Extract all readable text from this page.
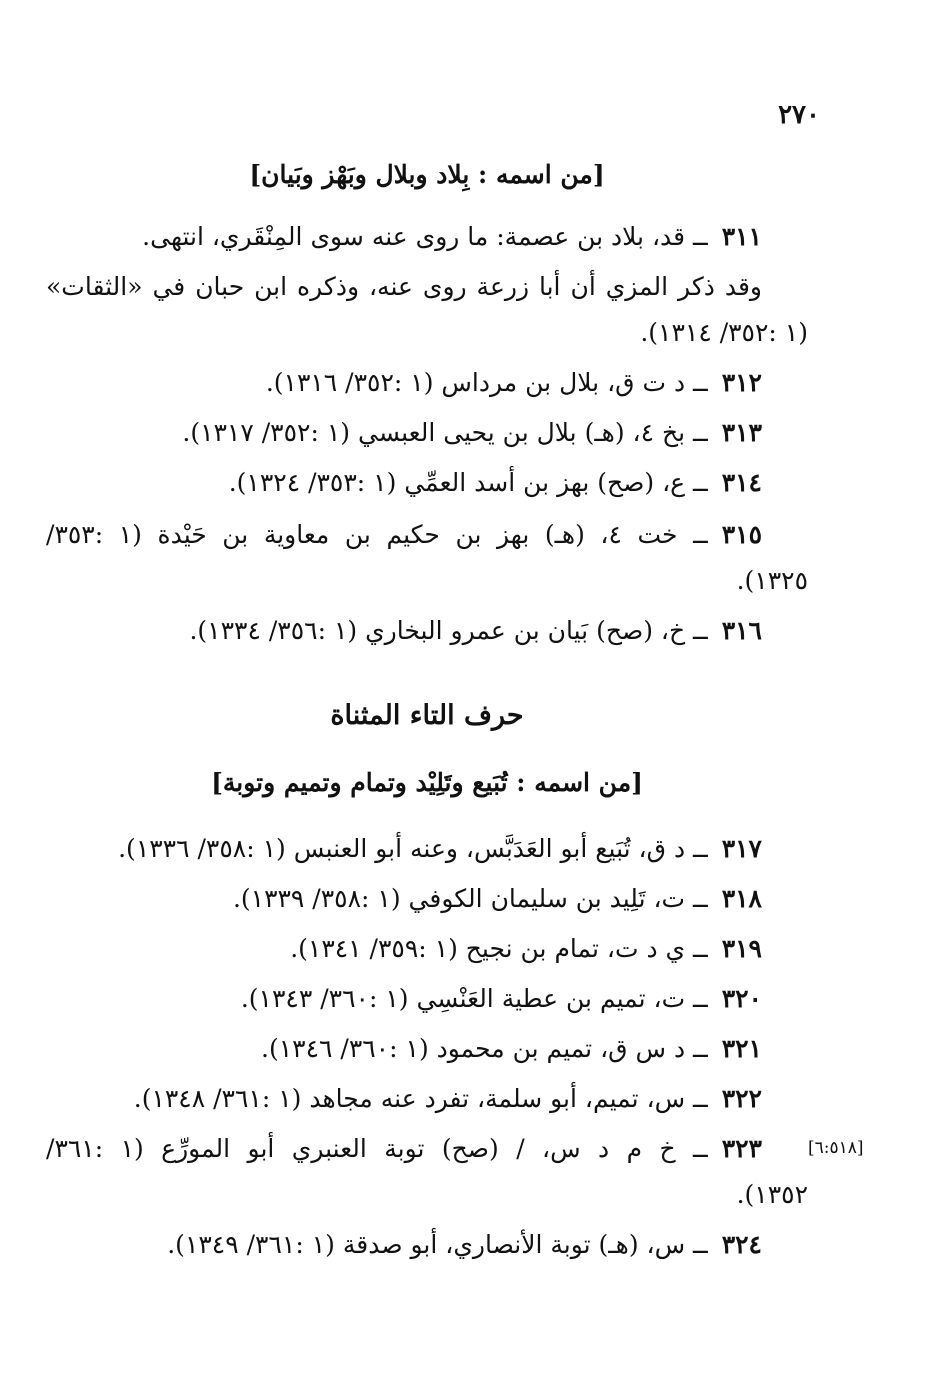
٢٧٠
[من اسمه : بِلاد وبلال وبَهْز وبَيان]
٣١١ــ قد، بلاد بن عصمة: ما روى عنه سوى المِنْقَري، انتهى.
وقد ذكر المزي أن أبا زرعة روى عنه، وذكره ابن حبان في «الثقات»
(١ :٣٥٢/ ١٣١٤).
٣١٢ــ د ت ق، بلال بن مرداس (١ :٣٥٢/ ١٣١٦).
٣١٣ــ بخ ٤، (هـ) بلال بن يحيى العبسي (١ :٣٥٢/ ١٣١٧).
٣١٤ــ ع، (صح) بهز بن أسد العمِّي (١ :٣٥٣/ ١٣٢٤).
٣١٥ــ خت ٤، (هـ) بهز بن حكيم بن معاوية بن حَيْدة (١ :٣٥٣/
١٣٢٥).
٣١٦ــ خ، (صح) بَيان بن عمرو البخاري (١ :٣٥٦/ ١٣٣٤).
حرف التاء المثناة
[من اسمه : تُبَيع وتَلِيْد وتمام وتميم وتوبة]
٣١٧ــ د ق، تُبَيع أبو العَدَبَّس، وعنه أبو العنبس (١ :٣٥٨/ ١٣٣٦).
٣١٨ــ ت، تَلِيد بن سليمان الكوفي (١ :٣٥٨/ ١٣٣٩).
٣١٩ــ ي د ت، تمام بن نجيح (١ :٣٥٩/ ١٣٤١).
٣٢٠ــ ت، تميم بن عطية العَنْسِي (١ :٣٦٠/ ١٣٤٣).
٣٢١ــ د س ق، تميم بن محمود (١ :٣٦٠/ ١٣٤٦).
٣٢٢ــ س، تميم، أبو سلمة، تفرد عنه مجاهد (١ :٣٦١/ ١٣٤٨).
٣٢٣ــ خ م د س، / (صح) توبة العنبري أبو المورِّع (١ :٣٦١/
١٣٥٢).
[٦:٥١٨]
٣٢٤ــ س، (هـ) توبة الأنصاري، أبو صدقة (١ :٣٦١/ ١٣٤٩).
